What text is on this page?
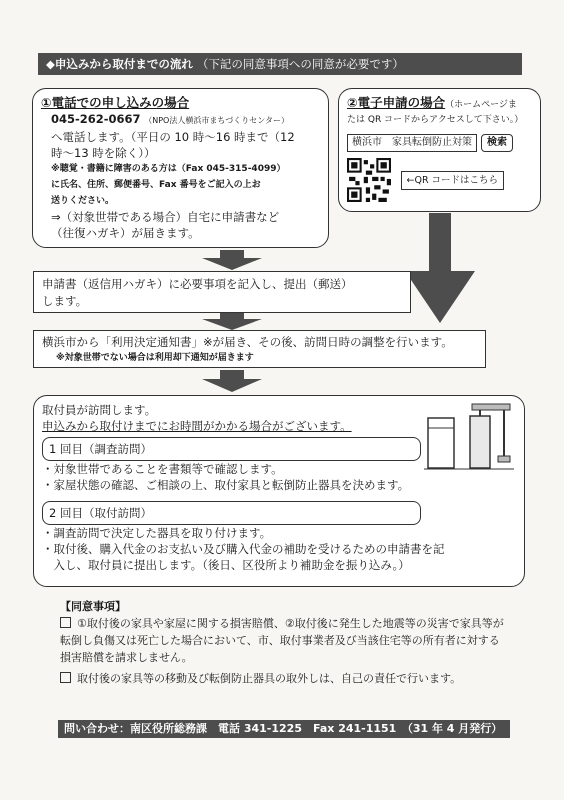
◆申込みから取付までの流れ （下記の同意事項への同意が必要です）
①電話での申し込みの場合
045-262-0667 （NPO法人横浜市まちづくりセンター）
へ電話します。（平日の 10 時～16 時まで（12
時～13 時を除く））
※聴覚・書籍に障害のある方は（Fax 045-315-4099）
に氏名、住所、郵便番号、Fax 番号をご記入の上お
送りください。
⇒（対象世帯である場合）自宅に申請書など
（往復ハガキ）が届きます。
②電子申請の場合（ホームページま
たは QR コードからアクセスして下さい。）
横浜市　家具転倒防止対策 検索
←QR コードはこちら
申請書（返信用ハガキ）に必要事項を記入し、提出（郵送）
します。
横浜市から「利用決定通知書」※が届き、その後、訪問日時の調整を行います。
※対象世帯でない場合は利用却下通知が届きます
取付員が訪問します。
申込みから取付けまでにお時間がかかる場合がございます。
1 回目（調査訪問）
・対象世帯であることを書類等で確認します。
・家屋状態の確認、ご相談の上、取付家具と転倒防止器具を決めます。
2 回目（取付訪問）
・調査訪問で決定した器具を取り付けます。
・取付後、購入代金のお支払い及び購入代金の補助を受けるための申請書を記
　入し、取付員に提出します。（後日、区役所より補助金を振り込み。）
【同意事項】
①取付後の家具や家屋に関する損害賠償、②取付後に発生した地震等の災害で家具等が
転倒し負傷又は死亡した場合において、市、取付事業者及び当該住宅等の所有者に対する
損害賠償を請求しません。
取付後の家具等の移動及び転倒防止器具の取外しは、自己の責任で行います。
問い合わせ：南区役所総務課　電話 341-1225　Fax 241-1151　（31 年 4 月発行）
